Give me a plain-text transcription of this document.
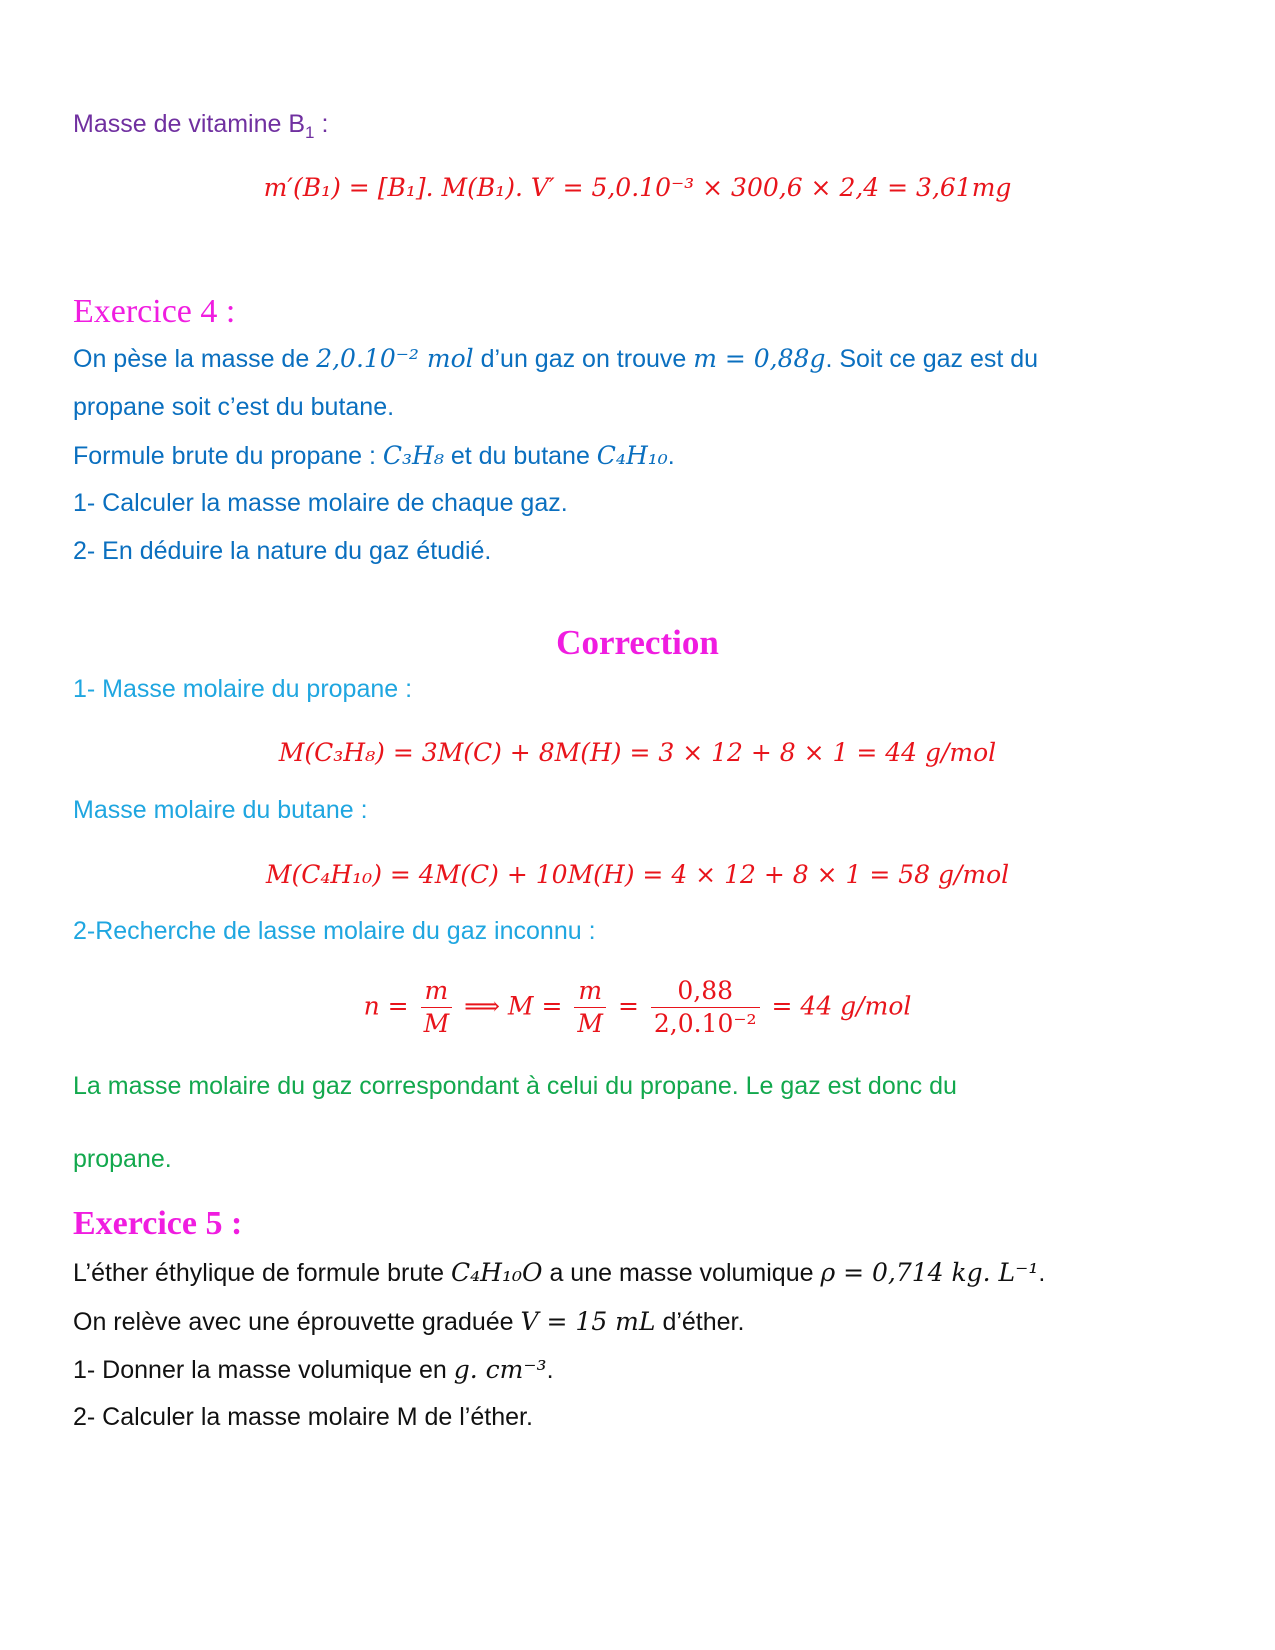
Masse de vitamine $B_1$ :
m′(B₁) = [B₁]. M(B₁). V′ = 5,0.10⁻³ × 300,6 × 2,4 = 3,61mg
Exercice 4 :
On pèse la masse de 2,0.10⁻² mol d’un gaz on trouve m = 0,88g. Soit ce gaz est du
propane soit c’est du butane.
Formule brute du propane : C₃H₈ et du butane C₄H₁₀.
1- Calculer la masse molaire de chaque gaz.
2- En déduire la nature du gaz étudié.
Correction
1- Masse molaire du propane :
M(C₃H₈) = 3M(C) + 8M(H) = 3 × 12 + 8 × 1 = 44 g/mol
Masse molaire du butane :
M(C₄H₁₀) = 4M(C) + 10M(H) = 4 × 12 + 8 × 1 = 58 g/mol
2-Recherche de lasse molaire du gaz inconnu :
$n = \frac{m}{M}$ ⟹ $M = \frac{m}{M} = \frac{0,88}{\text{2,0.10⁻²}} = 44$ g/mol
La masse molaire du gaz correspondant à celui du propane. Le gaz est donc du
propane.
Exercice 5 :
L’éther éthylique de formule brute C₄H₁₀O a une masse volumique ρ = 0,714 kg. L⁻¹.
On relève avec une éprouvette graduée V = 15 mL d’éther.
1- Donner la masse volumique en g. cm⁻³.
2- Calculer la masse molaire M de l’éther.
